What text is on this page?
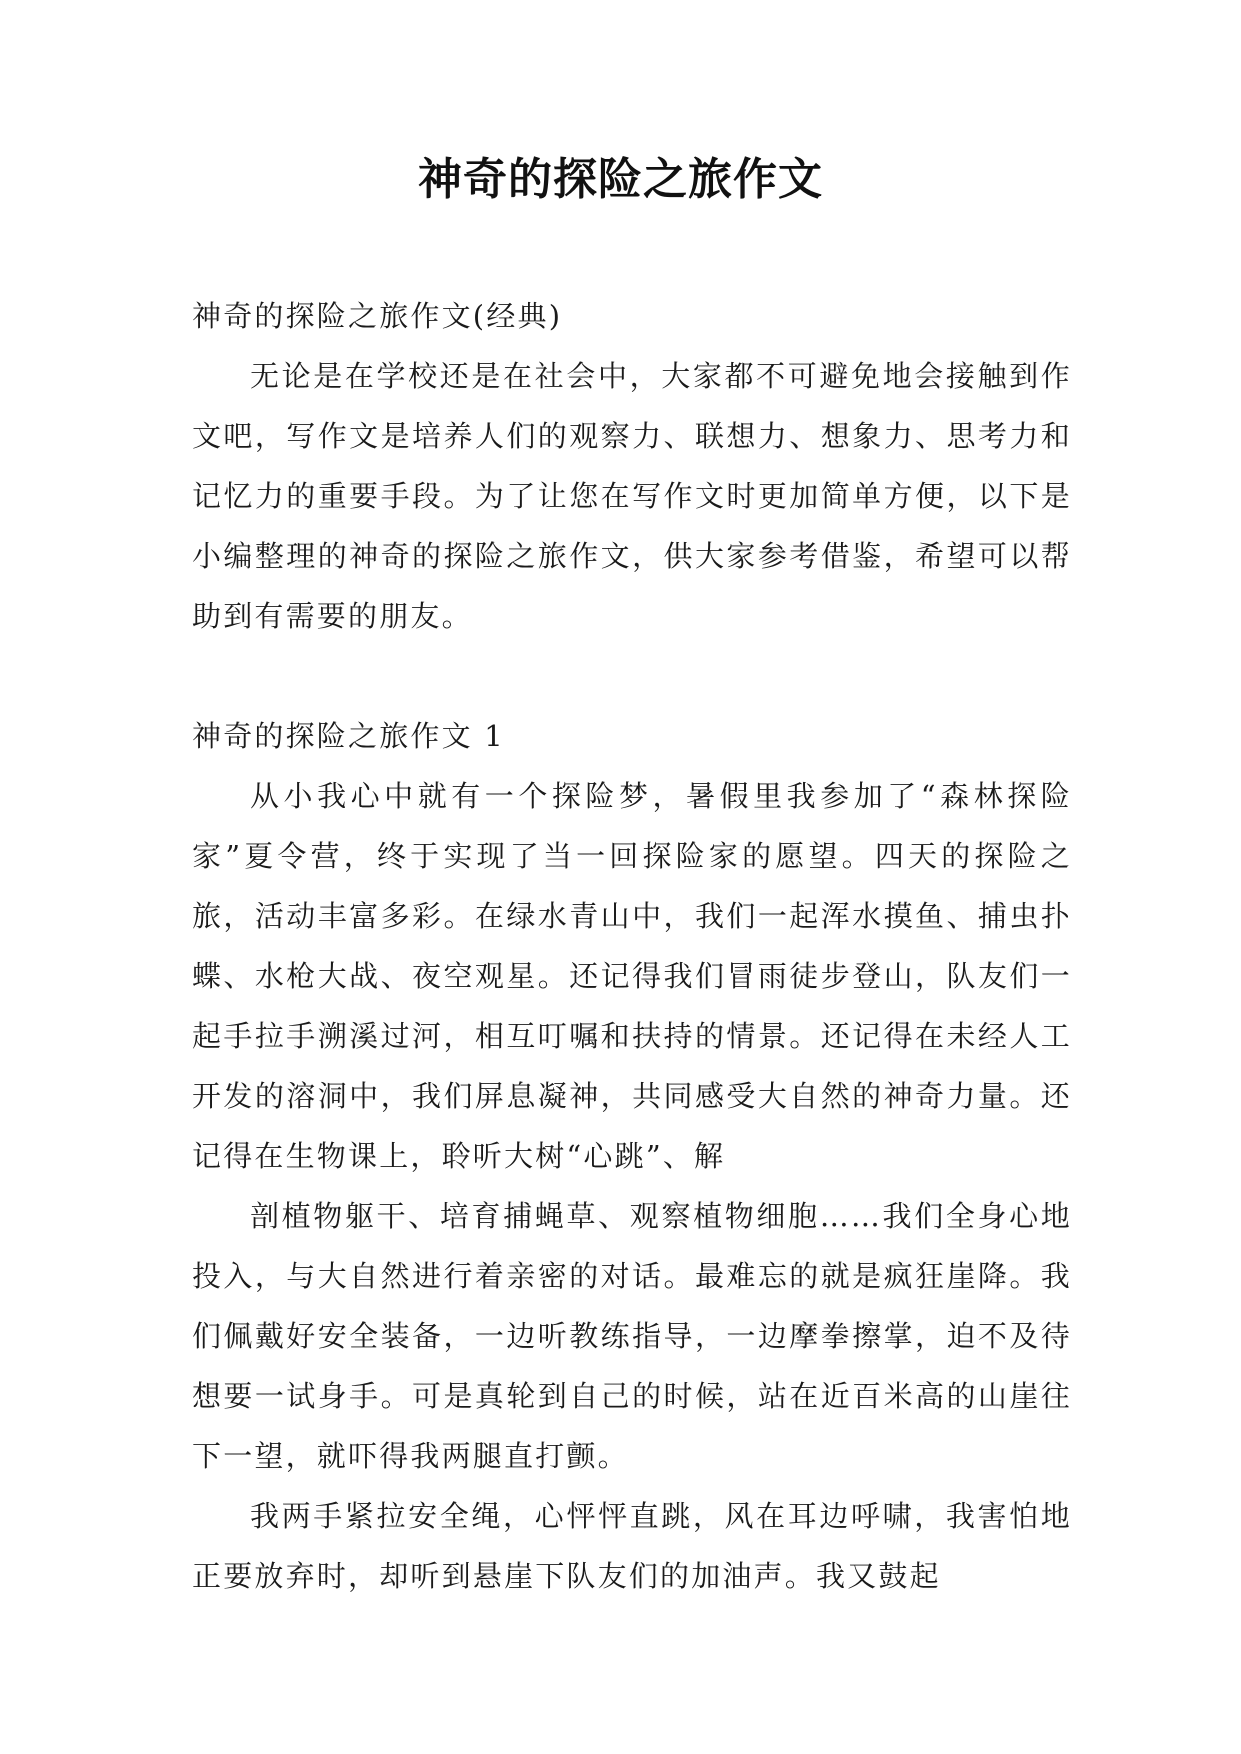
神奇的探险之旅作文

神奇的探险之旅作文(经典)

无论是在学校还是在社会中，大家都不可避免地会接触到作文吧，写作文是培养人们的观察力、联想力、想象力、思考力和记忆力的重要手段。为了让您在写作文时更加简单方便，以下是小编整理的神奇的探险之旅作文，供大家参考借鉴，希望可以帮助到有需要的朋友。

神奇的探险之旅作文 1

从小我心中就有一个探险梦，暑假里我参加了“森林探险家”夏令营，终于实现了当一回探险家的愿望。四天的探险之旅，活动丰富多彩。在绿水青山中，我们一起浑水摸鱼、捕虫扑蝶、水枪大战、夜空观星。还记得我们冒雨徒步登山，队友们一起手拉手溯溪过河，相互叮嘱和扶持的情景。还记得在未经人工开发的溶洞中，我们屏息凝神，共同感受大自然的神奇力量。还记得在生物课上，聆听大树“心跳”、解

剖植物躯干、培育捕蝇草、观察植物细胞……我们全身心地投入，与大自然进行着亲密的对话。最难忘的就是疯狂崖降。我们佩戴好安全装备，一边听教练指导，一边摩拳擦掌，迫不及待想要一试身手。可是真轮到自己的时候，站在近百米高的山崖往下一望，就吓得我两腿直打颤。

我两手紧拉安全绳，心怦怦直跳，风在耳边呼啸，我害怕地正要放弃时，却听到悬崖下队友们的加油声。我又鼓起
